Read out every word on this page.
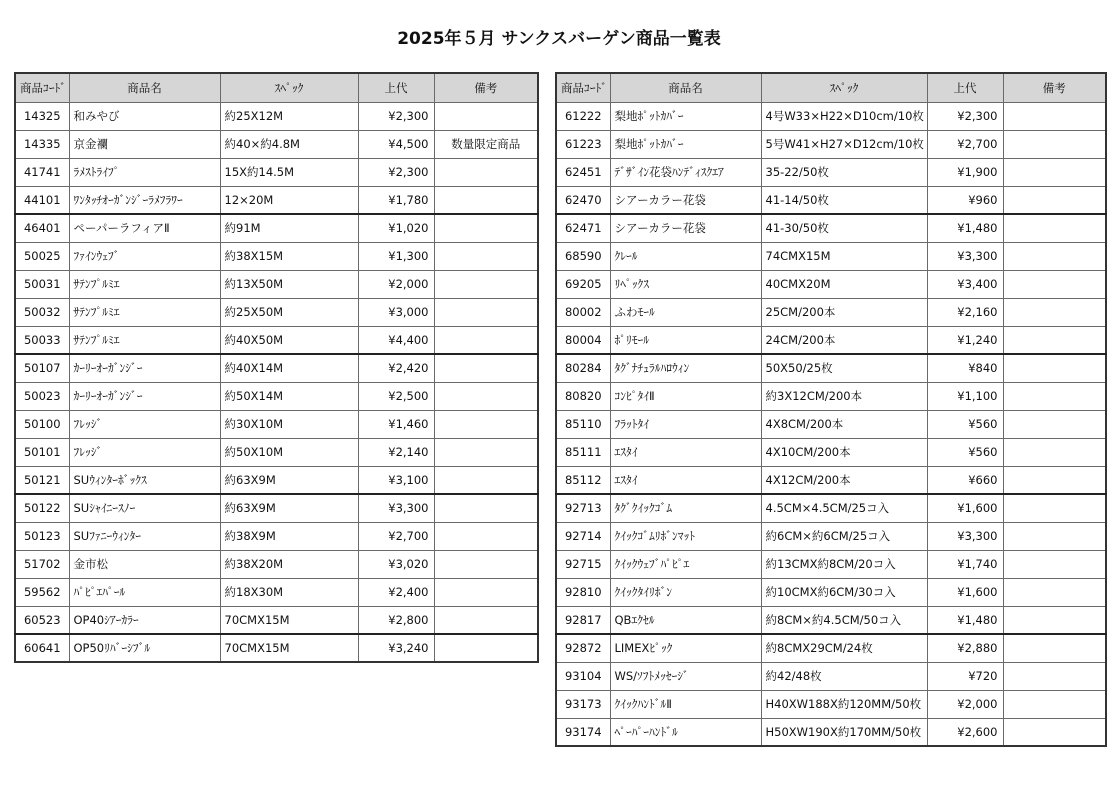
2025年５月 サンクスバーゲン商品一覧表
商品ｺｰﾄﾞ	商品名	ｽﾍﾟｯｸ	上代	備考
14325	和みやび	約25X12M	¥2,300	
14335	京金襴	約40×約4.8M	¥4,500	数量限定商品
41741	ﾗﾒｽﾄﾗｲﾌﾟ	15X約14.5M	¥2,300	
44101	ﾜﾝﾀｯﾁｵｰｶﾞﾝｼﾞｰﾗﾒﾌﾗﾜｰ	12×20M	¥1,780	
46401	ペーパーラフィアⅡ	約91M	¥1,020	
50025	ﾌｧｲﾝｳｪﾌﾞ	約38X15M	¥1,300	
50031	ｻﾃﾝﾌﾟﾙﾐｴ	約13X50M	¥2,000	
50032	ｻﾃﾝﾌﾟﾙﾐｴ	約25X50M	¥3,000	
50033	ｻﾃﾝﾌﾟﾙﾐｴ	約40X50M	¥4,400	
50107	ｶｰﾘｰｵｰｶﾞﾝｼﾞｰ	約40X14M	¥2,420	
50023	ｶｰﾘｰｵｰｶﾞﾝｼﾞｰ	約50X14M	¥2,500	
50100	ﾌﾚｯｼﾞ	約30X10M	¥1,460	
50101	ﾌﾚｯｼﾞ	約50X10M	¥2,140	
50121	SUｳｨﾝﾀｰﾎﾞｯｸｽ	約63X9M	¥3,100	
50122	SUｼｬｲﾆｰｽﾉｰ	約63X9M	¥3,300	
50123	SUﾌｧﾆｰｳｨﾝﾀｰ	約38X9M	¥2,700	
51702	金市松	約38X20M	¥3,020	
59562	ﾊﾟﾋﾟｴﾊﾟｰﾙ	約18X30M	¥2,400	
60523	OP40ｼｱｰｶﾗｰ	70CMX15M	¥2,800	
60641	OP50ﾘﾊﾞｰｼﾌﾞﾙ	70CMX15M	¥3,240	
商品ｺｰﾄﾞ	商品名	ｽﾍﾟｯｸ	上代	備考
61222	梨地ﾎﾟｯﾄｶﾊﾞｰ	4号W33×H22×D10cm/10枚	¥2,300	
61223	梨地ﾎﾟｯﾄｶﾊﾞｰ	5号W41×H27×D12cm/10枚	¥2,700	
62451	ﾃﾞｻﾞｲﾝ花袋ﾊﾝﾃﾞｨｽｸｴｱ	35-22/50枚	¥1,900	
62470	シアーカラー花袋	41-14/50枚	¥960	
62471	シアーカラー花袋	41-30/50枚	¥1,480	
68590	ｸﾚｰﾙ	74CMX15M	¥3,300	
69205	ﾘﾍﾟｯｸｽ	40CMX20M	¥3,400	
80002	ふわﾓｰﾙ	25CM/200本	¥2,160	
80004	ﾎﾟﾘﾓｰﾙ	24CM/200本	¥1,240	
80284	ﾀｸﾞﾅﾁｭﾗﾙﾊﾛｳｨﾝ	50X50/25枚	¥840	
80820	ｺﾝﾋﾟﾀｲⅡ	約3X12CM/200本	¥1,100	
85110	ﾌﾗｯﾄﾀｲ	4X8CM/200本	¥560	
85111	ｴｽﾀｲ	4X10CM/200本	¥560	
85112	ｴｽﾀｲ	4X12CM/200本	¥660	
92713	ﾀｸﾞｸｲｯｸｺﾞﾑ	4.5CM×4.5CM/25コ入	¥1,600	
92714	ｸｲｯｸｺﾞﾑﾘﾎﾞﾝﾏｯﾄ	約6CM×約6CM/25コ入	¥3,300	
92715	ｸｲｯｸｳｪﾌﾞﾊﾟﾋﾟｴ	約13CMX約8CM/20コ入	¥1,740	
92810	ｸｲｯｸﾀｲﾘﾎﾞﾝ	約10CMX約6CM/30コ入	¥1,600	
92817	QBｴｸｾﾙ	約8CM×約4.5CM/50コ入	¥1,480	
92872	LIMEXﾋﾟｯｸ	約8CMX29CM/24枚	¥2,880	
93104	WS/ｿﾌﾄﾒｯｾｰｼﾞ	約42/48枚	¥720	
93173	ｸｲｯｸﾊﾝﾄﾞﾙⅡ	H40XW188X約120MM/50枚	¥2,000	
93174	ﾍﾟｰﾊﾟｰﾊﾝﾄﾞﾙ	H50XW190X約170MM/50枚	¥2,600	
